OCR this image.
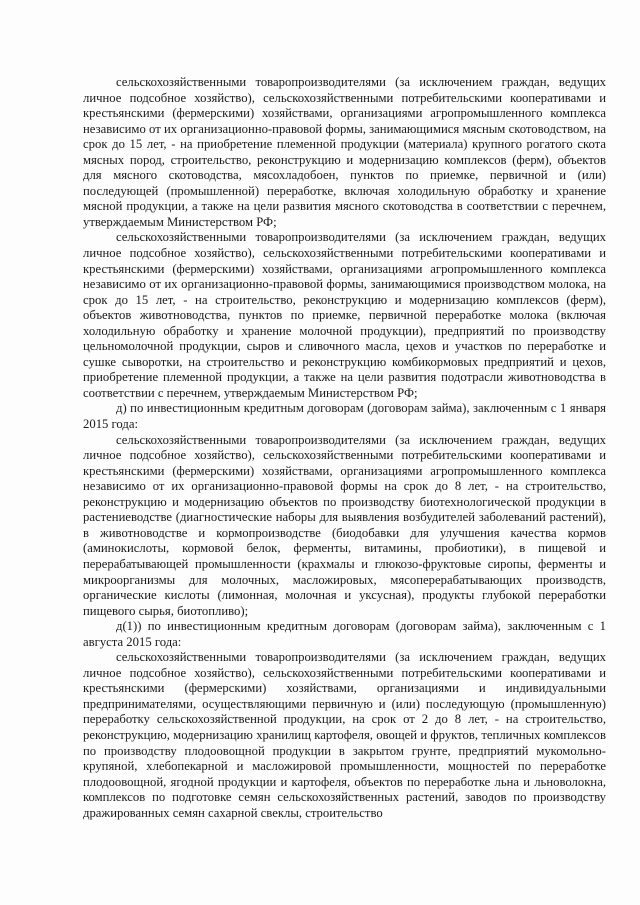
сельскохозяйственными товаропроизводителями (за исключением граждан, ведущих личное подсобное хозяйство), сельскохозяйственными потребительскими кооперативами и крестьянскими (фермерскими) хозяйствами, организациями агропромышленного комплекса независимо от их организационно-правовой формы, занимающимися мясным скотоводством, на срок до 15 лет, - на приобретение племенной продукции (материала) крупного рогатого скота мясных пород, строительство, реконструкцию и модернизацию комплексов (ферм), объектов для мясного скотоводства, мясохладобоен, пунктов по приемке, первичной и (или) последующей (промышленной) переработке, включая холодильную обработку и хранение мясной продукции, а также на цели развития мясного скотоводства в соответствии с перечнем, утверждаемым Министерством РФ;

сельскохозяйственными товаропроизводителями (за исключением граждан, ведущих личное подсобное хозяйство), сельскохозяйственными потребительскими кооперативами и крестьянскими (фермерскими) хозяйствами, организациями агропромышленного комплекса независимо от их организационно-правовой формы, занимающимися производством молока, на срок до 15 лет, - на строительство, реконструкцию и модернизацию комплексов (ферм), объектов животноводства, пунктов по приемке, первичной переработке молока (включая холодильную обработку и хранение молочной продукции), предприятий по производству цельномолочной продукции, сыров и сливочного масла, цехов и участков по переработке и сушке сыворотки, на строительство и реконструкцию комбикормовых предприятий и цехов, приобретение племенной продукции, а также на цели развития подотрасли животноводства в соответствии с перечнем, утверждаемым Министерством РФ;

д) по инвестиционным кредитным договорам (договорам займа), заключенным с 1 января 2015 года:

сельскохозяйственными товаропроизводителями (за исключением граждан, ведущих личное подсобное хозяйство), сельскохозяйственными потребительскими кооперативами и крестьянскими (фермерскими) хозяйствами, организациями агропромышленного комплекса независимо от их организационно-правовой формы на срок до 8 лет, - на строительство, реконструкцию и модернизацию объектов по производству биотехнологической продукции в растениеводстве (диагностические наборы для выявления возбудителей заболеваний растений), в животноводстве и кормопроизводстве (биодобавки для улучшения качества кормов (аминокислоты, кормовой белок, ферменты, витамины, пробиотики), в пищевой и перерабатывающей промышленности (крахмалы и глюкозо-фруктовые сиропы, ферменты и микроорганизмы для молочных, масложировых, мясоперерабатывающих производств, органические кислоты (лимонная, молочная и уксусная), продукты глубокой переработки пищевого сырья, биотопливо);

д(1)) по инвестиционным кредитным договорам (договорам займа), заключенным с 1 августа 2015 года:

сельскохозяйственными товаропроизводителями (за исключением граждан, ведущих личное подсобное хозяйство), сельскохозяйственными потребительскими кооперативами и крестьянскими (фермерскими) хозяйствами, организациями и индивидуальными предпринимателями, осуществляющими первичную и (или) последующую (промышленную) переработку сельскохозяйственной продукции, на срок от 2 до 8 лет, - на строительство, реконструкцию, модернизацию хранилищ картофеля, овощей и фруктов, тепличных комплексов по производству плодоовощной продукции в закрытом грунте, предприятий мукомольно-крупяной, хлебопекарной и масложировой промышленности, мощностей по переработке плодоовощной, ягодной продукции и картофеля, объектов по переработке льна и льноволокна, комплексов по подготовке семян сельскохозяйственных растений, заводов по производству дражированных семян сахарной свеклы, строительство
